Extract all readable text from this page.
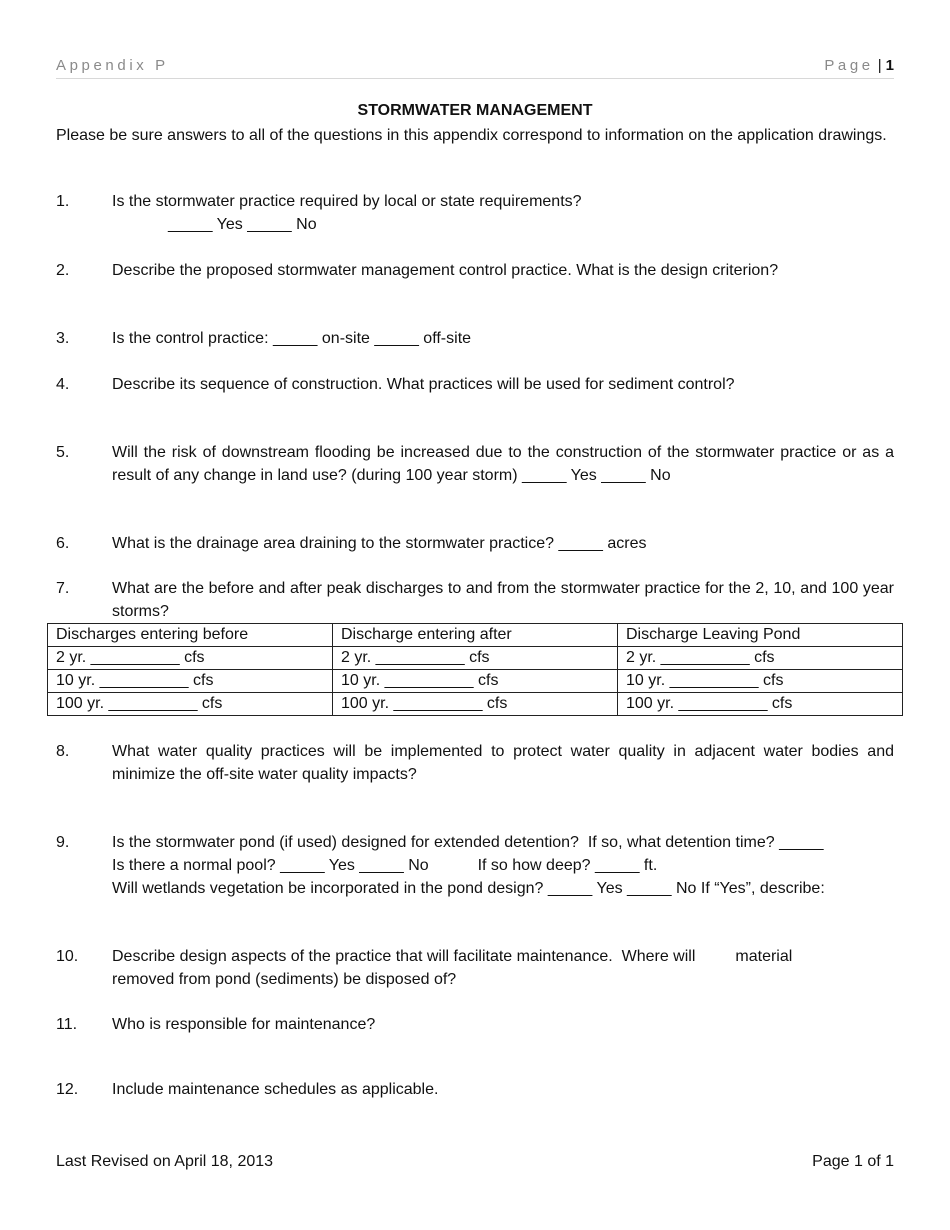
Appendix P	Page | 1
STORMWATER MANAGEMENT
Please be sure answers to all of the questions in this appendix correspond to information on the application drawings.
1.	Is the stormwater practice required by local or state requirements?
_____ Yes _____ No
2.	Describe the proposed stormwater management control practice. What is the design criterion?
3.	Is the control practice: _____ on-site _____ off-site
4.	Describe its sequence of construction. What practices will be used for sediment control?
5.	Will the risk of downstream flooding be increased due to the construction of the stormwater practice or as a result of any change in land use? (during 100 year storm) _____ Yes _____ No
6.	What is the drainage area draining to the stormwater practice? _____ acres
7.	What are the before and after peak discharges to and from the stormwater practice for the 2, 10, and 100 year storms?
Discharges entering before	Discharge entering after	Discharge Leaving Pond
2 yr. __________ cfs	2 yr. __________ cfs	2 yr. __________ cfs
10 yr. __________ cfs	10 yr. __________ cfs	10 yr. __________ cfs
100 yr. __________ cfs	100 yr. __________ cfs	100 yr. __________ cfs
8.	What water quality practices will be implemented to protect water quality in adjacent water bodies and minimize the off-site water quality impacts?
9.	Is the stormwater pond (if used) designed for extended detention?  If so, what detention time? _____
Is there a normal pool? _____ Yes _____ No           If so how deep? _____ ft.
Will wetlands vegetation be incorporated in the pond design? _____ Yes _____ No If “Yes”, describe:
10. Describe design aspects of the practice that will facilitate maintenance.  Where will         material removed from pond (sediments) be disposed of?
11. Who is responsible for maintenance?
12. Include maintenance schedules as applicable.
Last Revised on April 18, 2013	Page 1 of 1
